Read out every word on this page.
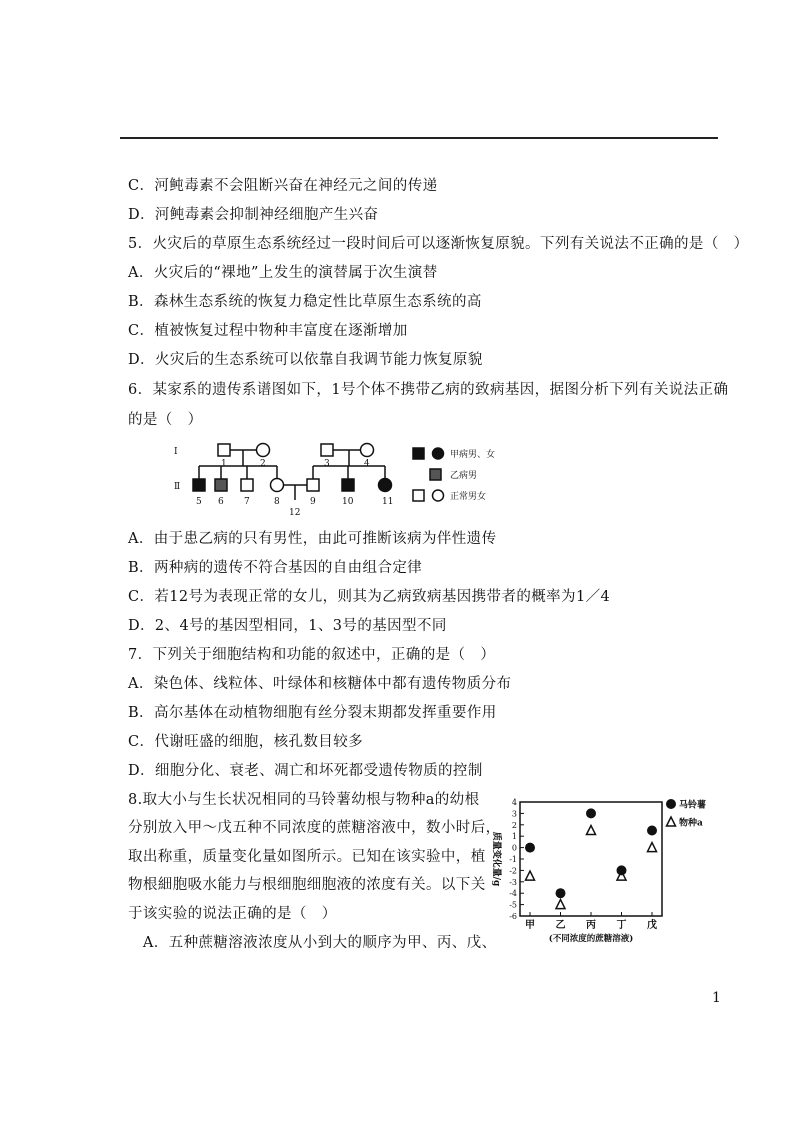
C．河鲀毒素不会阻断兴奋在神经元之间的传递
D．河鲀毒素会抑制神经细胞产生兴奋
5．火灾后的草原生态系统经过一段时间后可以逐渐恢复原貌。下列有关说法不正确的是（　）
A．火灾后的“裸地”上发生的演替属于次生演替
B．森林生态系统的恢复力稳定性比草原生态系统的高
C．植被恢复过程中物种丰富度在逐渐增加
D．火灾后的生态系统可以依靠自我调节能力恢复原貌
6．某家系的遗传系谱图如下，1号个体不携带乙病的致病基因，据图分析下列有关说法正确
的是（　）
Ⅰ
Ⅱ
1	2	3	4
5 6 7	8	9	10	11
12
甲病男、女
乙病男
正常男女
A．由于患乙病的只有男性，由此可推断该病为伴性遗传
B．两种病的遗传不符合基因的自由组合定律
C．若12号为表现正常的女儿，则其为乙病致病基因携带者的概率为1／4
D．2、4号的基因型相同，1、3号的基因型不同
7．下列关于细胞结构和功能的叙述中，正确的是（　）
A．染色体、线粒体、叶绿体和核糖体中都有遗传物质分布
B．高尔基体在动植物细胞有丝分裂末期都发挥重要作用
C．代谢旺盛的细胞，核孔数目较多
D．细胞分化、衰老、凋亡和坏死都受遗传物质的控制
8.取大小与生长状况相同的马铃薯幼根与物种a的幼根
分别放入甲～戊五种不同浓度的蔗糖溶液中，数小时后，
取出称重，质量变化量如图所示。已知在该实验中，植
物根細胞吸水能力与根细胞细胞液的浓度有关。以下关
于该实验的说法正确的是（　）
　A．五种蔗糖溶液浓度从小到大的顺序为甲、丙、戊、
4
3
2
1
0
-1
-2
-3
-4
-5
-6
质量变化量/g
甲 乙 丙 丁 戊
(不同浓度的蔗糖溶液)
马铃薯
物种a
1
